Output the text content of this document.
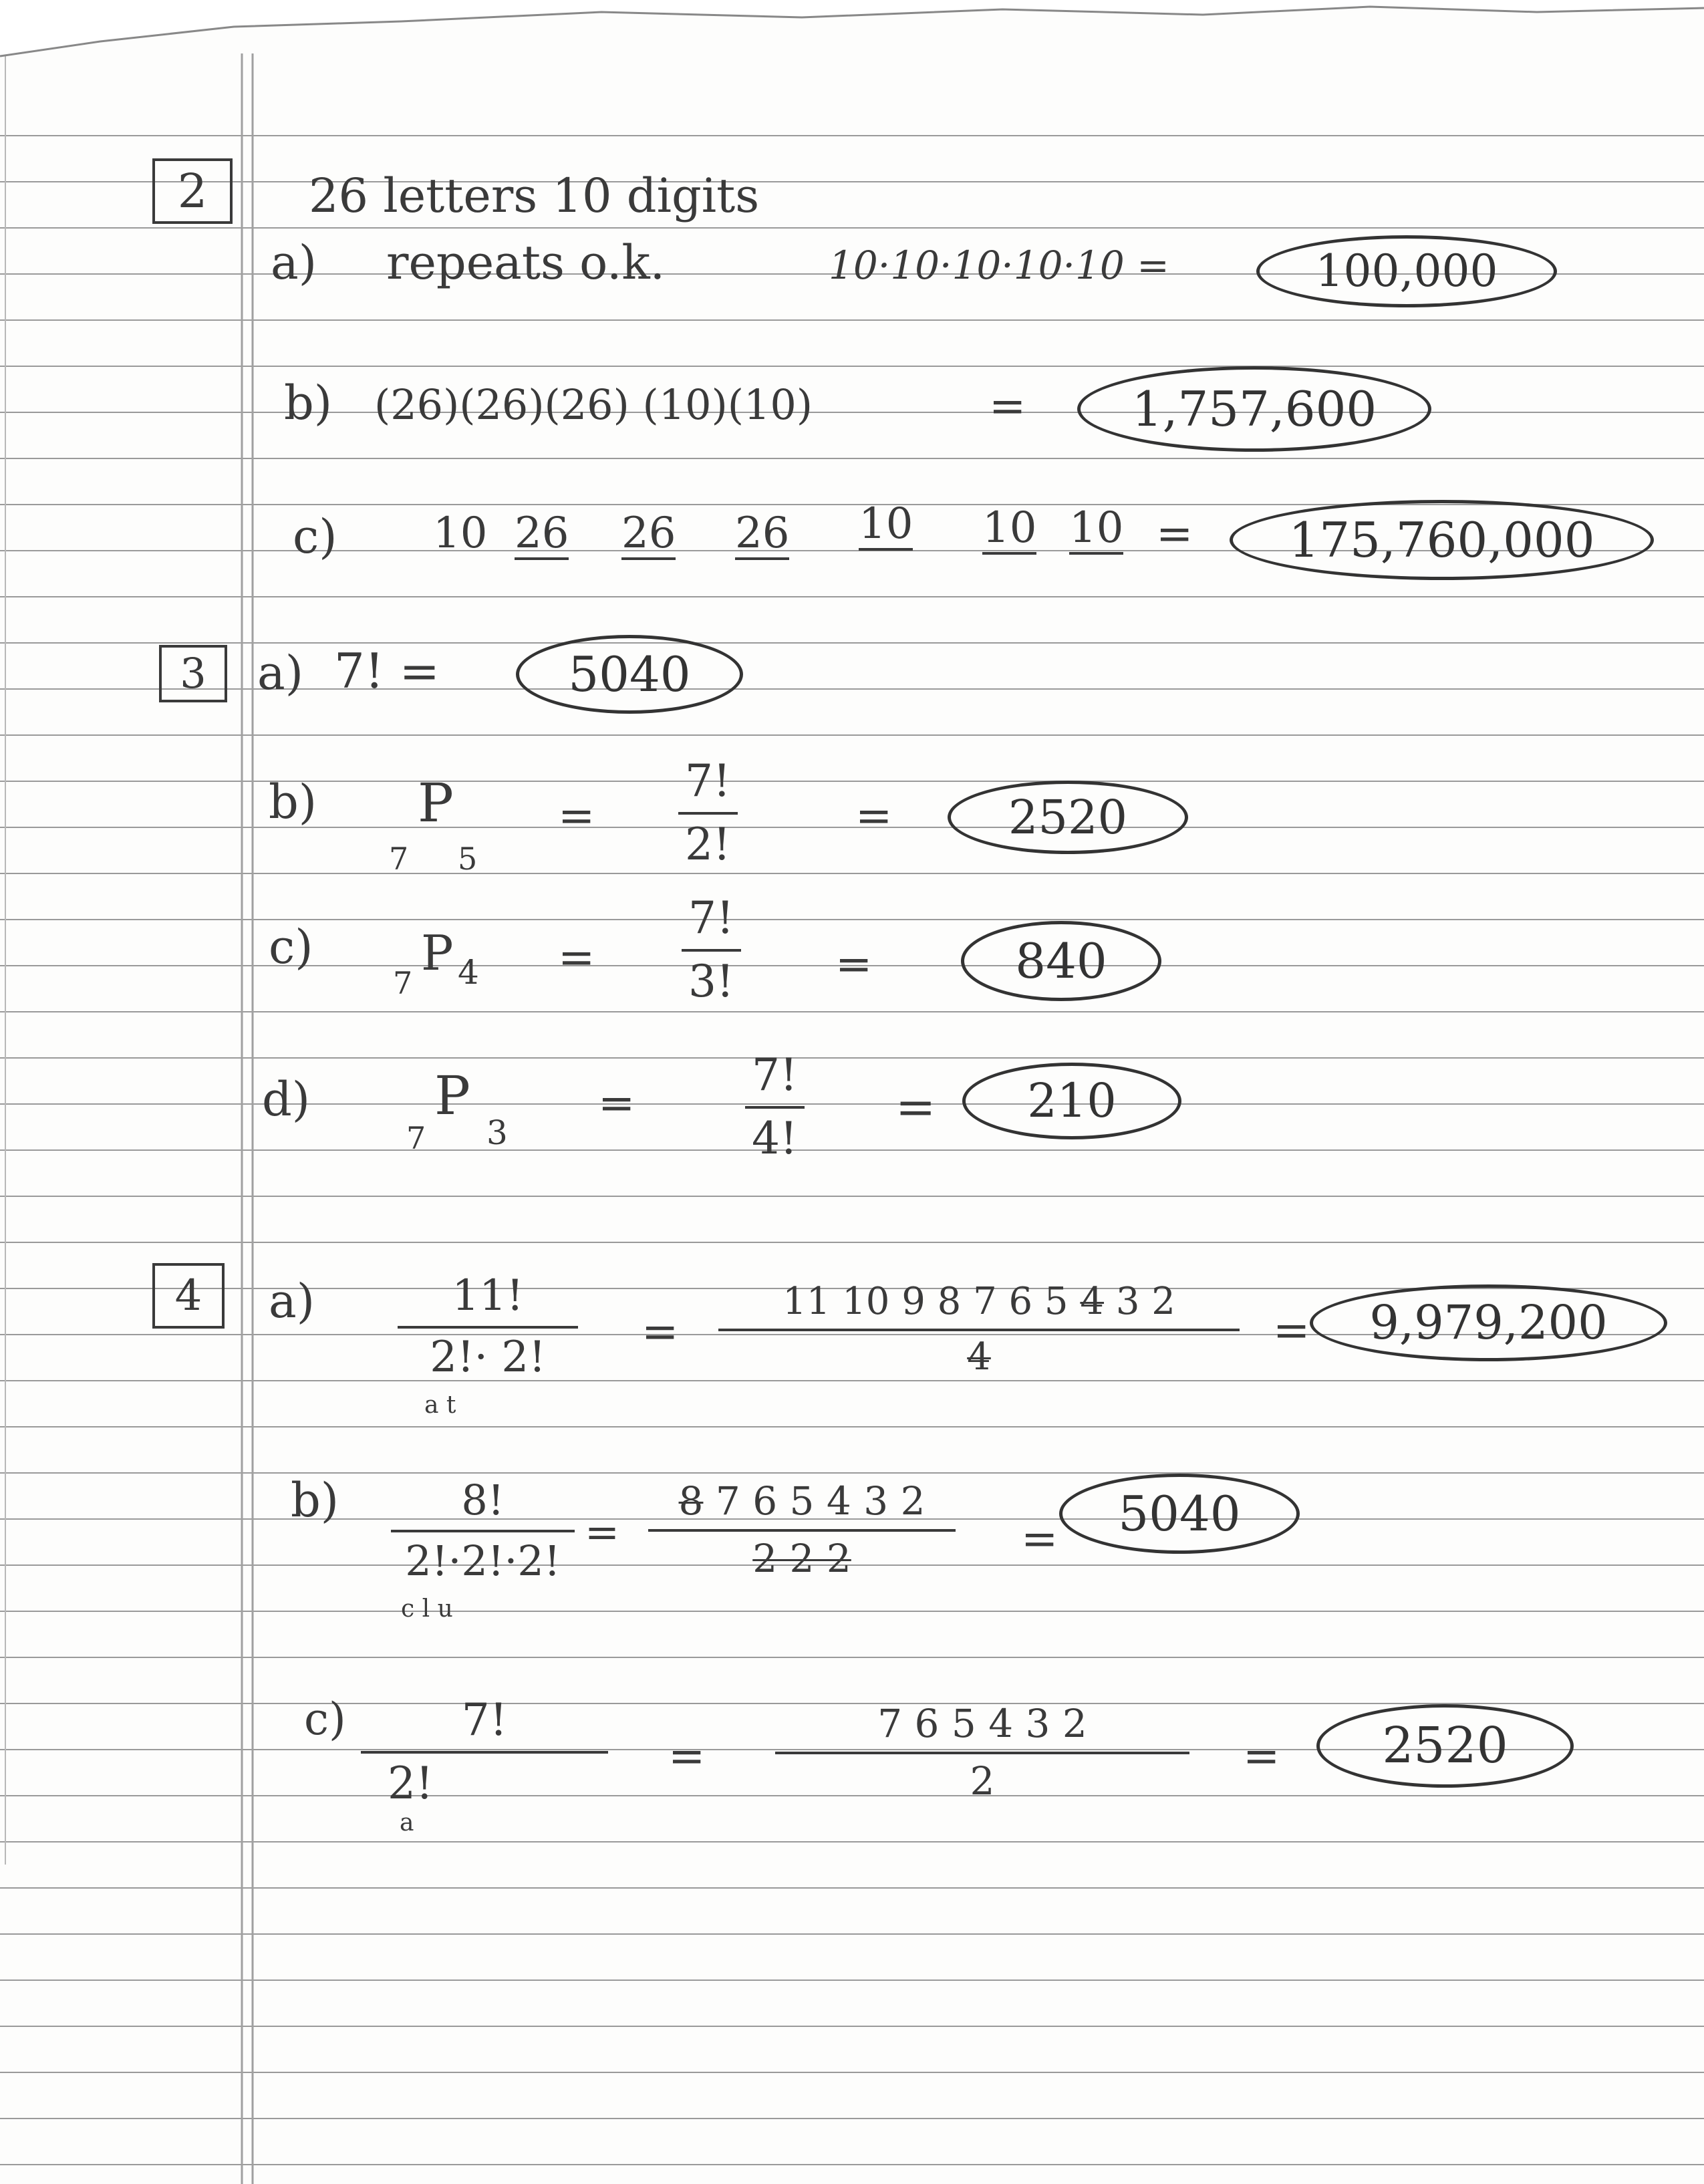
2	26 letters 10 digits
a) repeats o.k.	10·10·10·10·10 =	100,000
b) (26)(26)(26) (10)(10)	=	1,757,600
c) 10 26 26 26 10 10 10 =	175,760,000
3	a) 7! =	5040
b)
7
P
5
= $\frac{7!}{2!}$	=	2520
c)
7
P $4 = \frac{7!}{3!}$ =	840
d)
7
P
3
= $\frac{7!}{4!}$ =	210
4	$a) \frac{11!}{2!\cdot 2!}$
a t
= $\frac{11 10 9 8 7 6 5 4 3 2}{4}$ =	9,979,200
$b) \frac{8!}{2!\cdot 2!\cdot 2!}$
c l u
= $\frac{8 7 6 5 4 3 2}{2 2 2}$ =	5040
$c) \frac{7!}{2!}$
a
= $\frac{7 6 5 4 3 2}{2}$ =	2520
